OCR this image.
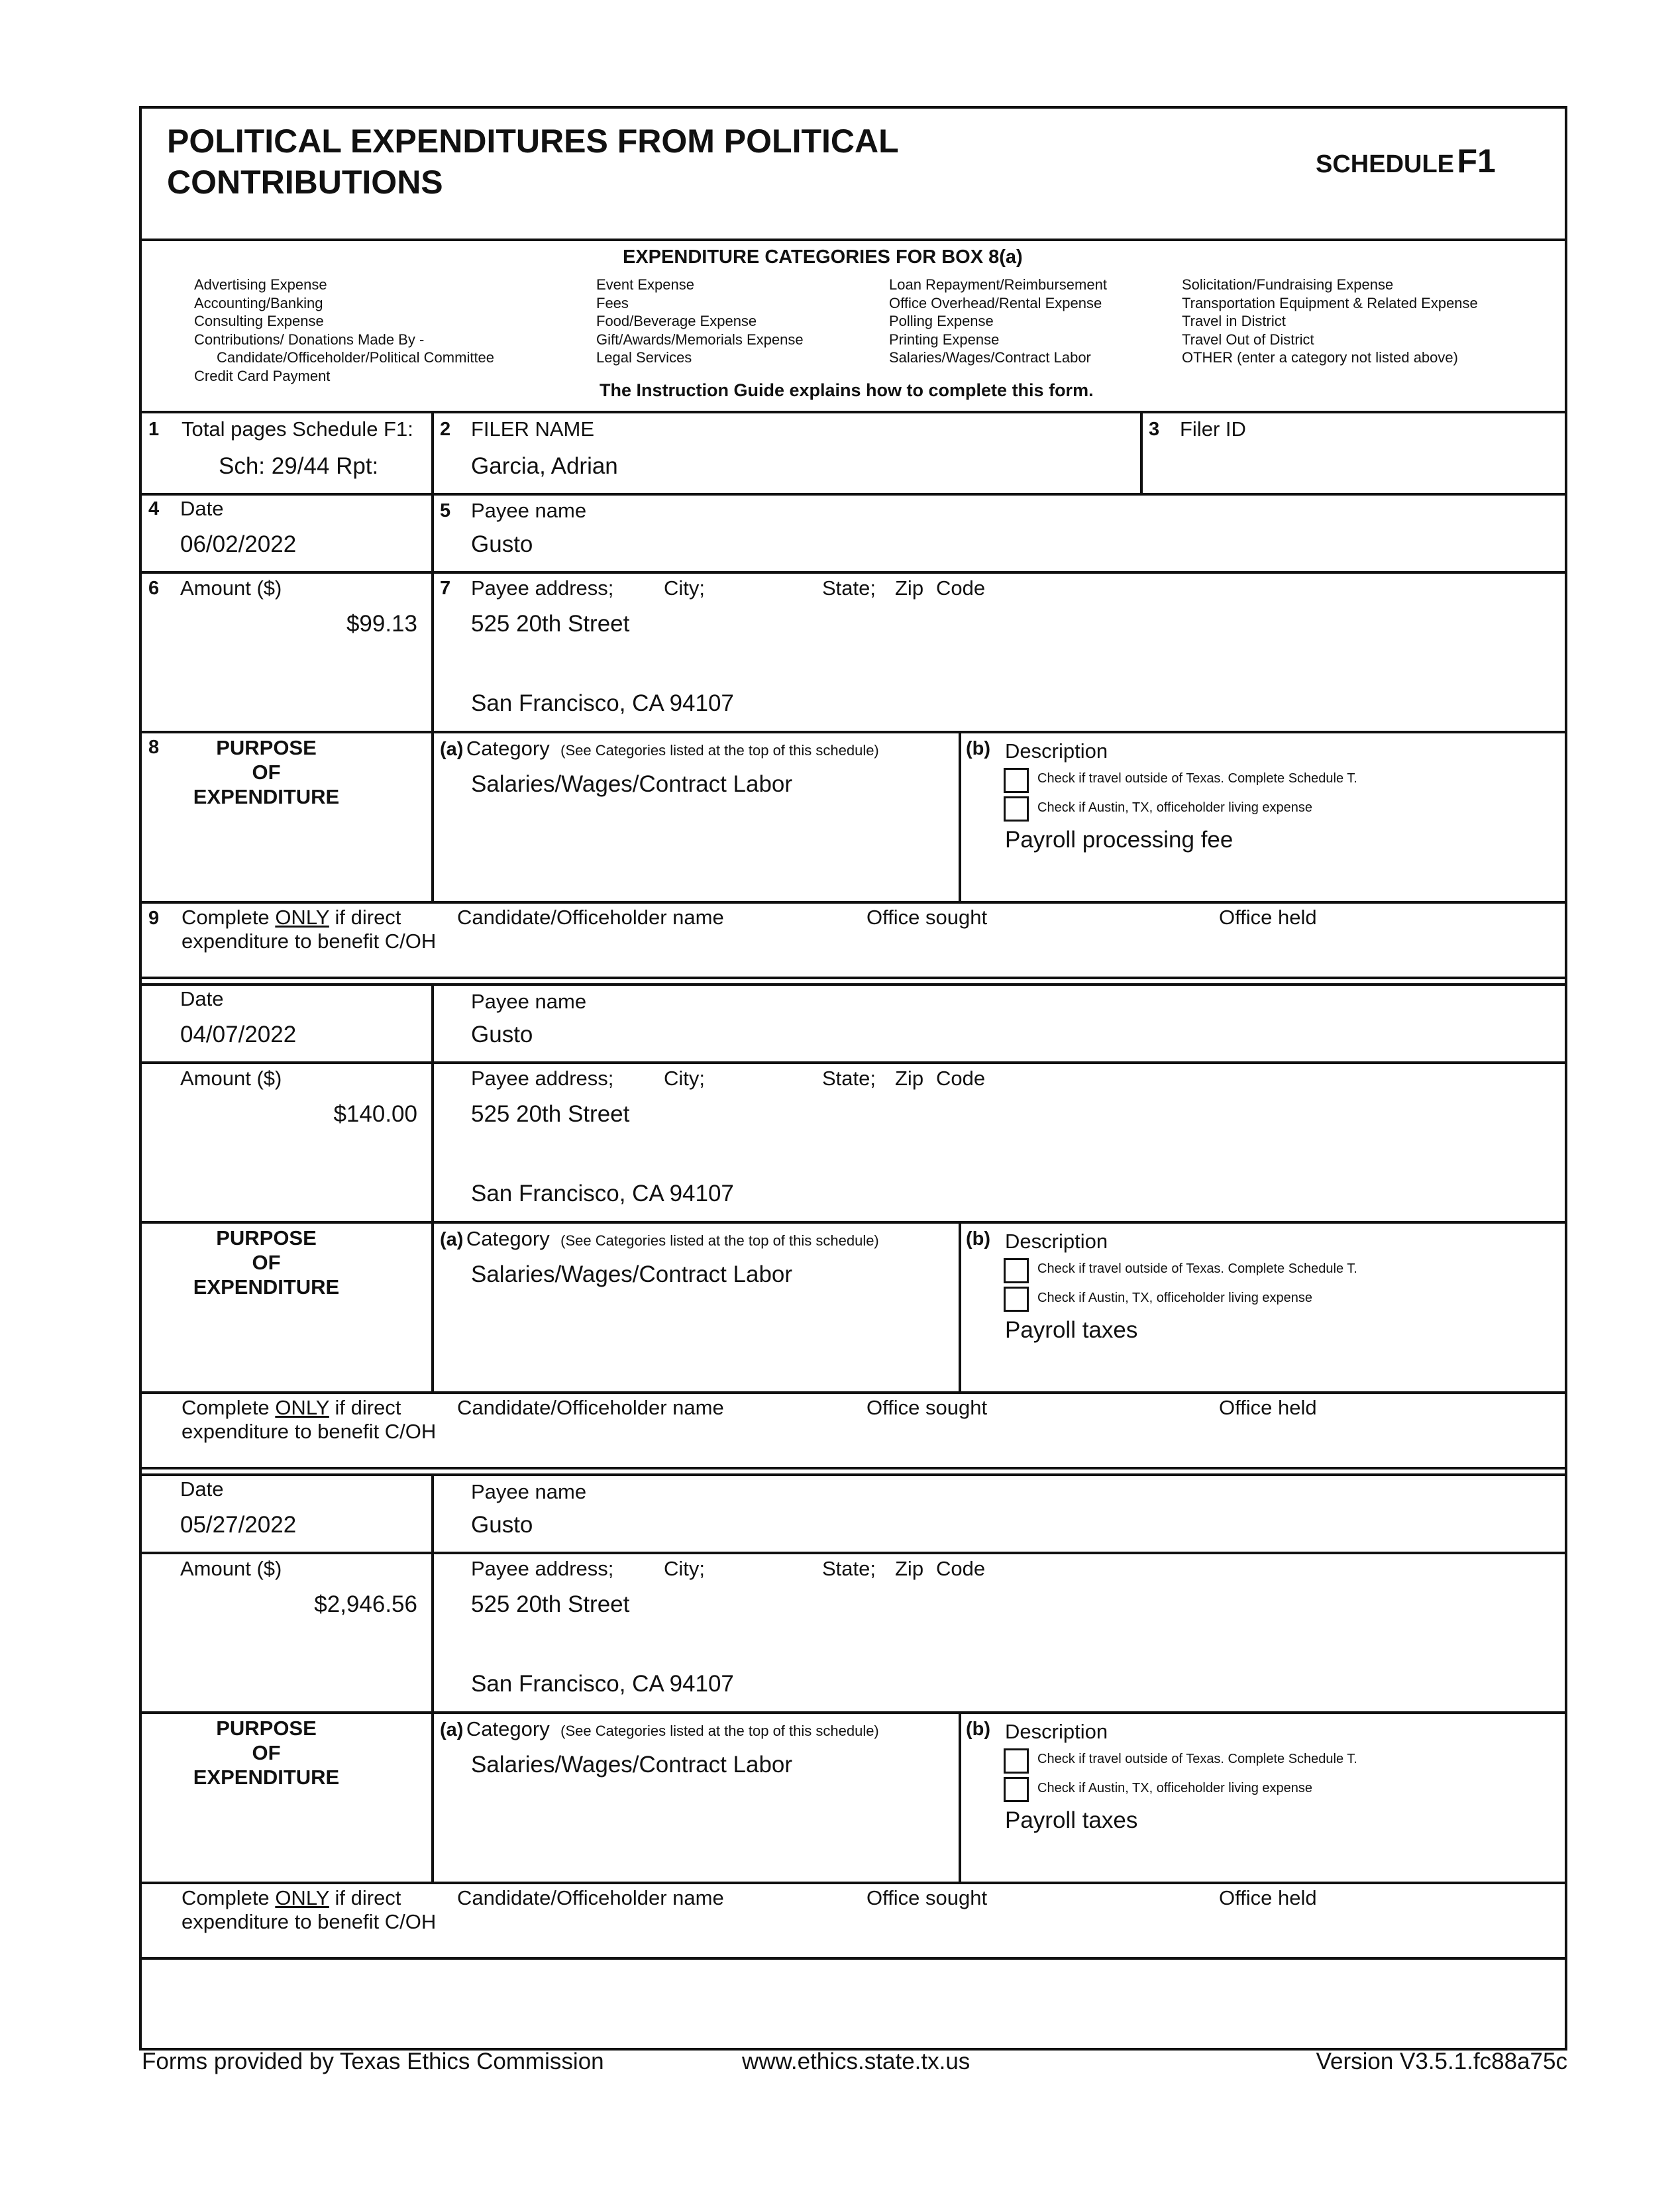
POLITICAL EXPENDITURES FROM POLITICAL
CONTRIBUTIONS	SCHEDULE F1
EXPENDITURE CATEGORIES FOR BOX 8(a)
Advertising Expense
Accounting/Banking
Consulting Expense
Contributions/ Donations Made By -
Candidate/Officeholder/Political Committee
Credit Card Payment
Event Expense
Fees
Food/Beverage Expense
Gift/Awards/Memorials Expense
Legal Services
Loan Repayment/Reimbursement
Office Overhead/Rental Expense
Polling Expense
Printing Expense
Salaries/Wages/Contract Labor
Solicitation/Fundraising Expense
Transportation Equipment & Related Expense
Travel in District
Travel Out of District
OTHER (enter a category not listed above)
The Instruction Guide explains how to complete this form.
1 Total pages Schedule F1:
Sch: 29/44 Rpt:
2 FILER NAME
Garcia, Adrian
3 Filer ID
4 Date
06/02/2022
5 Payee name
Gusto
6 Amount ($)
$99.13
7 Payee address; City;	State; Zip Code
525 20th Street
San Francisco, CA 94107
8	PURPOSE
OF
EXPENDITURE
(a) Category (See Categories listed at the top of this schedule)
Salaries/Wages/Contract Labor
(b) Description
Check if travel outside of Texas. Complete Schedule T.
Check if Austin, TX, officeholder living expense
Payroll processing fee
9 Complete ONLY if direct
expenditure to benefit C/OH
Candidate/Officeholder name	Office sought	Office held
Date
04/07/2022
Payee name
Gusto
Amount ($)
$140.00
Payee address; City;	State; Zip Code
525 20th Street
San Francisco, CA 94107
PURPOSE
OF
EXPENDITURE
(a) Category (See Categories listed at the top of this schedule)
Salaries/Wages/Contract Labor
(b) Description
Check if travel outside of Texas. Complete Schedule T.
Check if Austin, TX, officeholder living expense
Payroll taxes
Complete ONLY if direct
expenditure to benefit C/OH
Candidate/Officeholder name	Office sought	Office held
Date
05/27/2022
Payee name
Gusto
Amount ($)
$2,946.56
Payee address; City;	State; Zip Code
525 20th Street
San Francisco, CA 94107
PURPOSE
OF
EXPENDITURE
(a) Category (See Categories listed at the top of this schedule)
Salaries/Wages/Contract Labor
(b) Description
Check if travel outside of Texas. Complete Schedule T.
Check if Austin, TX, officeholder living expense
Payroll taxes
Complete ONLY if direct
expenditure to benefit C/OH
Candidate/Officeholder name	Office sought	Office held
Forms provided by Texas Ethics Commission	www.ethics.state.tx.us	Version V3.5.1.fc88a75c
